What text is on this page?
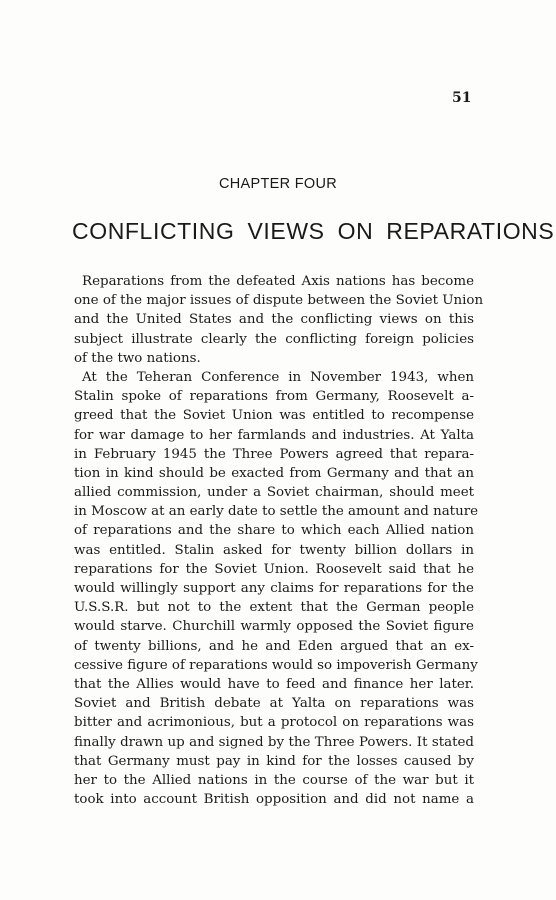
51
CHAPTER FOUR
CONFLICTING VIEWS ON REPARATIONS
Reparations from the defeated Axis nations has become
one of the major issues of dispute between the Soviet Union
and the United States and the conflicting views on this
subject illustrate clearly the conflicting foreign policies
of the two nations.
At the Teheran Conference in November 1943, when
Stalin spoke of reparations from Germany, Roosevelt a-
greed that the Soviet Union was entitled to recompense
for war damage to her farmlands and industries. At Yalta
in February 1945 the Three Powers agreed that repara-
tion in kind should be exacted from Germany and that an
allied commission, under a Soviet chairman, should meet
in Moscow at an early date to settle the amount and nature
of reparations and the share to which each Allied nation
was entitled. Stalin asked for twenty billion dollars in
reparations for the Soviet Union. Roosevelt said that he
would willingly support any claims for reparations for the
U.S.S.R. but not to the extent that the German people
would starve. Churchill warmly opposed the Soviet figure
of twenty billions, and he and Eden argued that an ex-
cessive figure of reparations would so impoverish Germany
that the Allies would have to feed and finance her later.
Soviet and British debate at Yalta on reparations was
bitter and acrimonious, but a protocol on reparations was
finally drawn up and signed by the Three Powers. It stated
that Germany must pay in kind for the losses caused by
her to the Allied nations in the course of the war but it
took into account British opposition and did not name a
